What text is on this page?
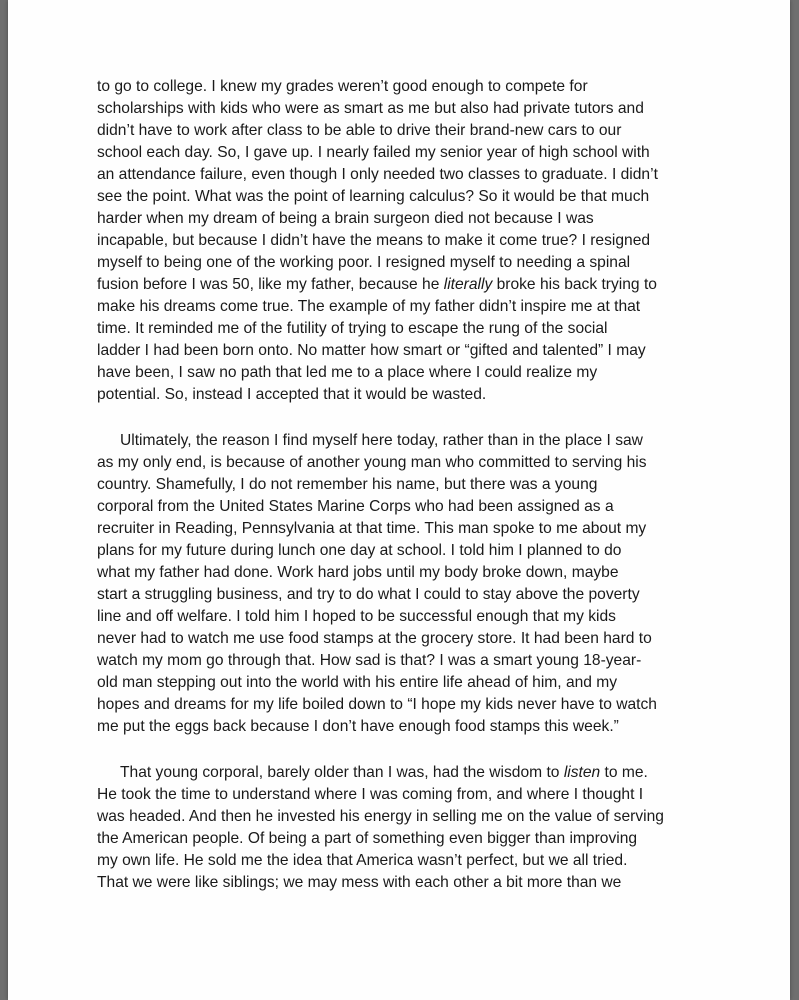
to go to college. I knew my grades weren’t good enough to compete for

scholarships with kids who were as smart as me but also had private tutors and

didn’t have to work after class to be able to drive their brand-new cars to our

school each day. So, I gave up. I nearly failed my senior year of high school with

an attendance failure, even though I only needed two classes to graduate. I didn’t

see the point. What was the point of learning calculus? So it would be that much

harder when my dream of being a brain surgeon died not because I was

incapable, but because I didn’t have the means to make it come true? I resigned

myself to being one of the working poor. I resigned myself to needing a spinal

fusion before I was 50, like my father, because he literally broke his back trying to

make his dreams come true. The example of my father didn’t inspire me at that

time. It reminded me of the futility of trying to escape the rung of the social

ladder I had been born onto. No matter how smart or “gifted and talented” I may

have been, I saw no path that led me to a place where I could realize my

potential. So, instead I accepted that it would be wasted.

Ultimately, the reason I find myself here today, rather than in the place I saw

as my only end, is because of another young man who committed to serving his

country. Shamefully, I do not remember his name, but there was a young

corporal from the United States Marine Corps who had been assigned as a

recruiter in Reading, Pennsylvania at that time. This man spoke to me about my

plans for my future during lunch one day at school. I told him I planned to do

what my father had done. Work hard jobs until my body broke down, maybe

start a struggling business, and try to do what I could to stay above the poverty

line and off welfare. I told him I hoped to be successful enough that my kids

never had to watch me use food stamps at the grocery store. It had been hard to

watch my mom go through that. How sad is that? I was a smart young 18-year-

old man stepping out into the world with his entire life ahead of him, and my

hopes and dreams for my life boiled down to “I hope my kids never have to watch

me put the eggs back because I don’t have enough food stamps this week.”

That young corporal, barely older than I was, had the wisdom to listen to me.

He took the time to understand where I was coming from, and where I thought I

was headed. And then he invested his energy in selling me on the value of serving

the American people. Of being a part of something even bigger than improving

my own life. He sold me the idea that America wasn’t perfect, but we all tried.

That we were like siblings; we may mess with each other a bit more than we
